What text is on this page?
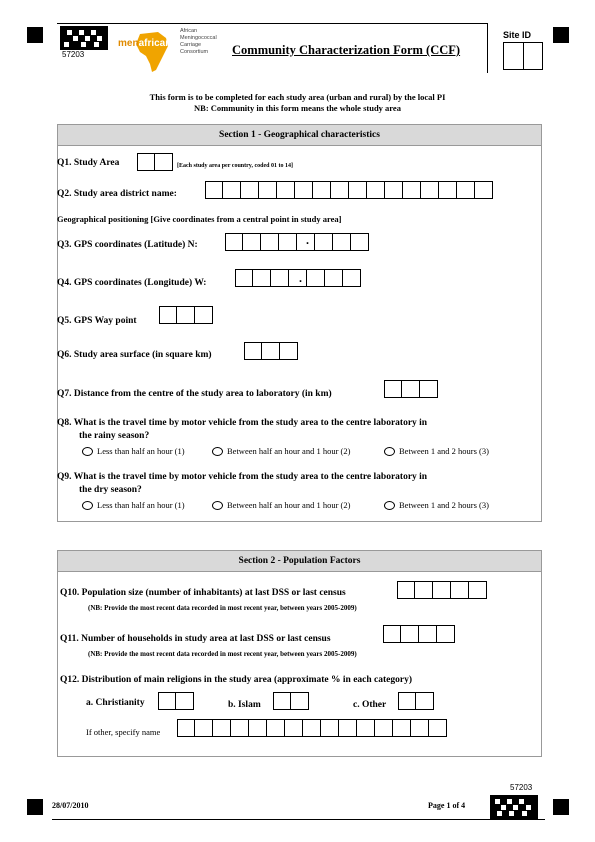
57203
menafricar
African
Meningococcal
Carriage
Consortium	Community Characterization Form (CCF)
Site ID
This form is to be completed for each study area (urban and rural) by the local PI
NB: Community in this form means the whole study area
Section 1 - Geographical characteristics
Q1. Study Area	[Each study area per country, coded 01 to 14]
Q2. Study area district name:
Geographical positioning [Give coordinates from a central point in study area]
Q3. GPS coordinates (Latitude) N:	.
Q4. GPS coordinates (Longitude) W:	.
Q5. GPS Way point
Q6. Study area surface (in square km)
Q7. Distance from the centre of the study area to laboratory (in km)
Q8. What is the travel time by motor vehicle from the study area to the centre laboratory in
the rainy season?
Less than half an hour (1)	Between half an hour and 1 hour (2)	Between 1 and 2 hours (3)
Q9. What is the travel time by motor vehicle from the study area to the centre laboratory in
the dry season?
Less than half an hour (1)	Between half an hour and 1 hour (2)	Between 1 and 2 hours (3)
Section 2 - Population Factors
Q10. Population size (number of inhabitants) at last DSS or last census
(NB: Provide the most recent data recorded in most recent year, between years 2005-2009)
Q11. Number of households in study area at last DSS or last census
(NB: Provide the most recent data recorded in most recent year, between years 2005-2009)
Q12. Distribution of main religions in the study area (approximate % in each category)
a. Christianity	b. Islam	c. Other
If other, specify name
28/07/2010	Page 1 of 4
57203
